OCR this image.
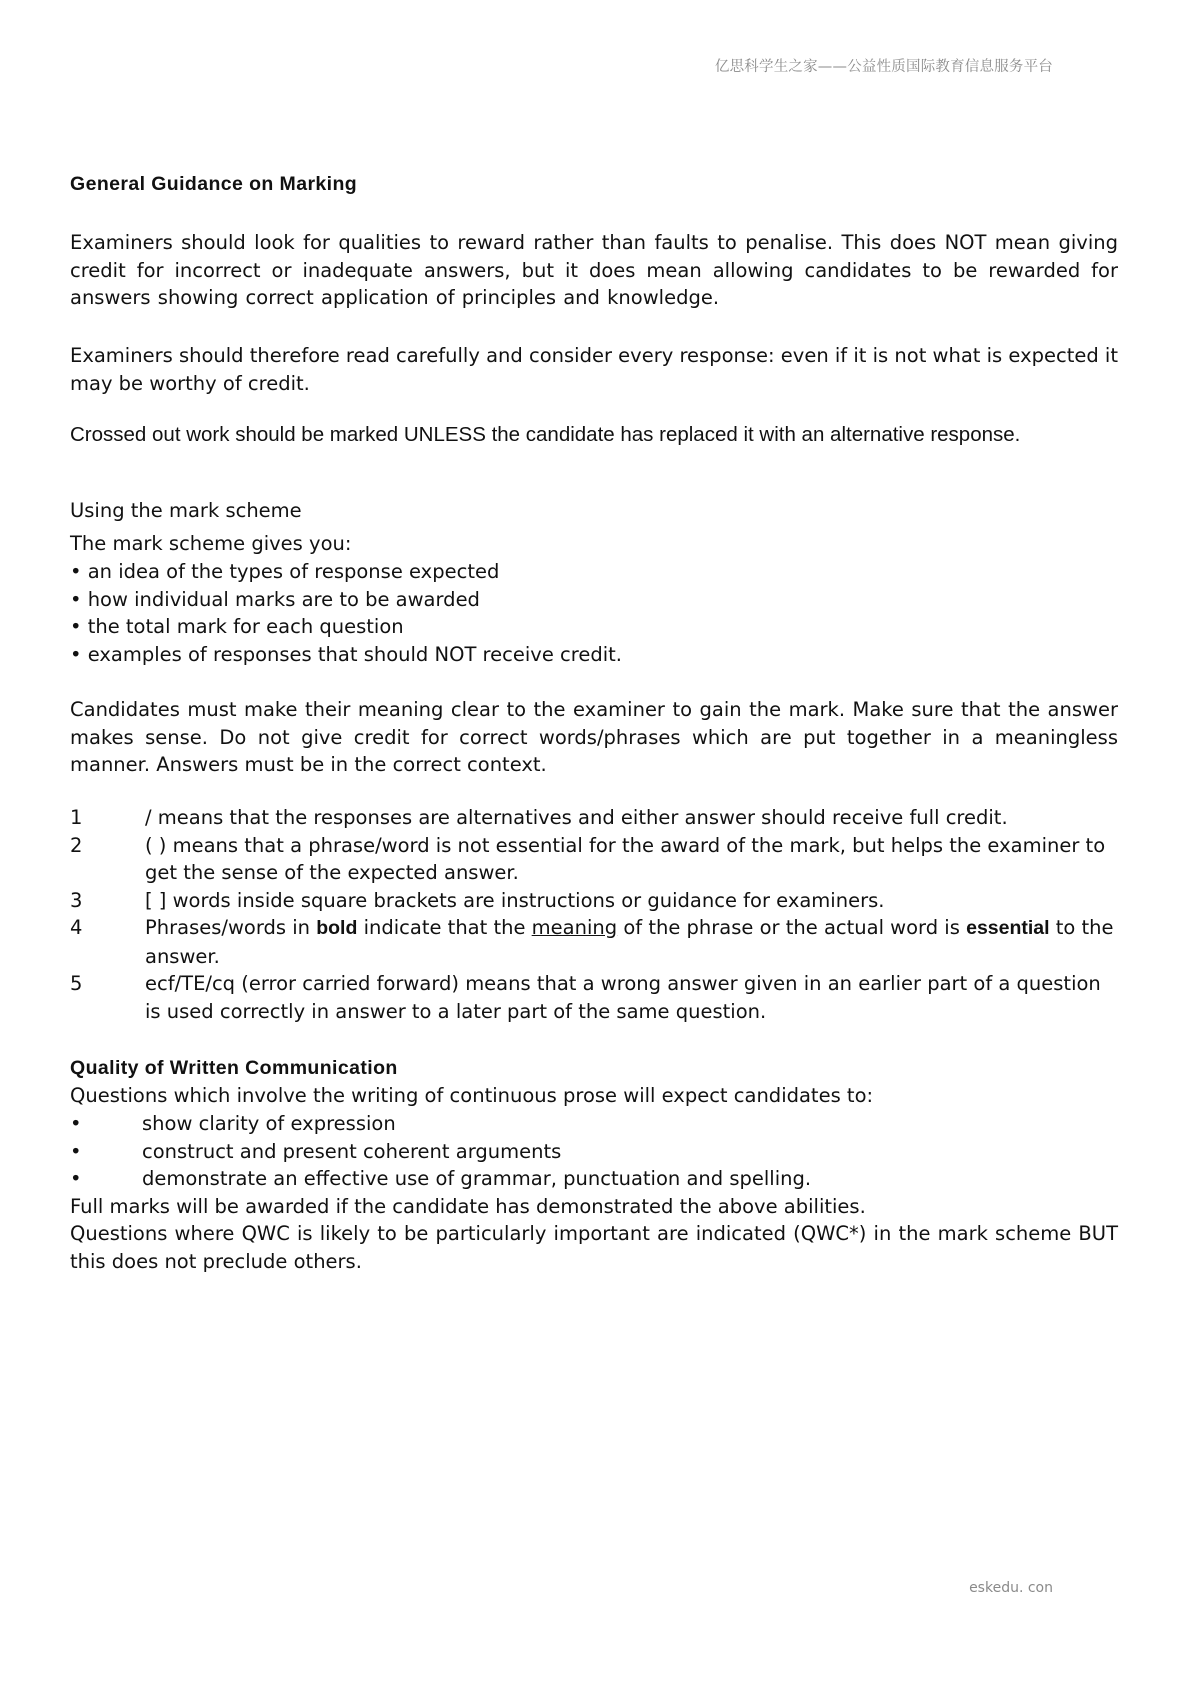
亿思科学生之家——公益性质国际教育信息服务平台
General Guidance on Marking

Examiners should look for qualities to reward rather than faults to penalise. This does NOT mean giving credit for incorrect or inadequate answers, but it does mean allowing candidates to be rewarded for answers showing correct application of principles and knowledge.

Examiners should therefore read carefully and consider every response: even if it is not what is expected it may be worthy of credit.

Crossed out work should be marked UNLESS the candidate has replaced it with an alternative response.

Using the mark scheme
The mark scheme gives you:
• an idea of the types of response expected
• how individual marks are to be awarded
• the total mark for each question
• examples of responses that should NOT receive credit.

Candidates must make their meaning clear to the examiner to gain the mark. Make sure that the answer makes sense. Do not give credit for correct words/phrases which are put together in a meaningless manner. Answers must be in the correct context.

1	/ means that the responses are alternatives and either answer should receive full credit.
2	( ) means that a phrase/word is not essential for the award of the mark, but helps the examiner to get the sense of the expected answer.
3	[ ] words inside square brackets are instructions or guidance for examiners.
4	Phrases/words in bold indicate that the meaning of the phrase or the actual word is essential to the answer.
5	ecf/TE/cq (error carried forward) means that a wrong answer given in an earlier part of a question is used correctly in answer to a later part of the same question.
Quality of Written Communication
Questions which involve the writing of continuous prose will expect candidates to:
•	show clarity of expression
•	construct and present coherent arguments
•	demonstrate an effective use of grammar, punctuation and spelling.
Full marks will be awarded if the candidate has demonstrated the above abilities.

Questions where QWC is likely to be particularly important are indicated (QWC*) in the mark scheme BUT this does not preclude others.

eskedu. con
